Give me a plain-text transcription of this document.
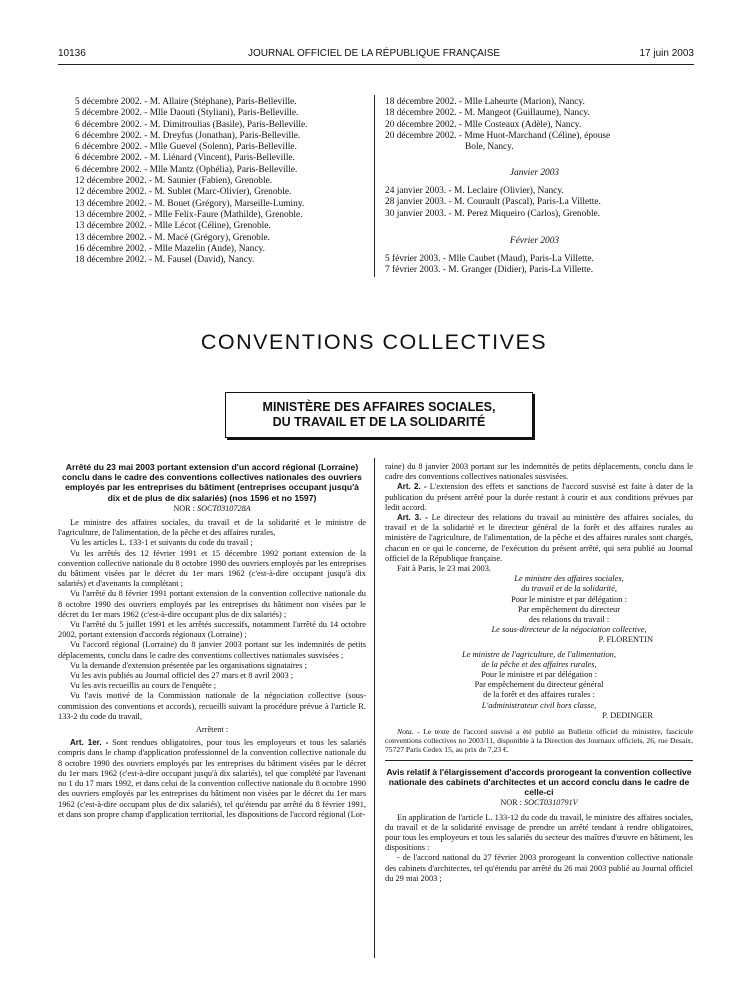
10136	JOURNAL OFFICIEL DE LA RÉPUBLIQUE FRANÇAISE	17 juin 2003
5 décembre 2002. - M. Allaire (Stéphane), Paris-Belleville.
5 décembre 2002. - Mlle Daouti (Styliani), Paris-Belleville.
6 décembre 2002. - M. Dimitroulias (Basile), Paris-Belleville.
6 décembre 2002. - M. Dreyfus (Jonathan), Paris-Belleville.
6 décembre 2002. - Mlle Guevel (Solenn), Paris-Belleville.
6 décembre 2002. - M. Liénard (Vincent), Paris-Belleville.
6 décembre 2002. - Mlle Mantz (Ophélia), Paris-Belleville.
12 décembre 2002. - M. Saunier (Fabien), Grenoble.
12 décembre 2002. - M. Sublet (Marc-Olivier), Grenoble.
13 décembre 2002. - M. Bouet (Grégory), Marseille-Luminy.
13 décembre 2002. - Mlle Felix-Faure (Mathilde), Grenoble.
13 décembre 2002. - Mlle Lécot (Céline), Grenoble.
13 décembre 2002. - M. Macé (Grégory), Grenoble.
16 décembre 2002. - Mlle Mazelin (Aude), Nancy.
18 décembre 2002. - M. Fausel (David), Nancy.
18 décembre 2002. - Mlle Laheurte (Marion), Nancy.
18 décembre 2002. - M. Mangeot (Guillaume), Nancy.
20 décembre 2002. - Mlle Costeaux (Adèle), Nancy.
20 décembre 2002. - Mme Huot-Marchand (Céline), épouse
Bole, Nancy.
Janvier 2003
24 janvier 2003. - M. Leclaire (Olivier), Nancy.
28 janvier 2003. - M. Courault (Pascal), Paris-La Villette.
30 janvier 2003. - M. Perez Miqueiro (Carlos), Grenoble.
Février 2003
5 février 2003. - Mlle Caubet (Maud), Paris-La Villette.
7 février 2003. - M. Granger (Didier), Paris-La Villette.
CONVENTIONS COLLECTIVES
MINISTÈRE DES AFFAIRES SOCIALES,
DU TRAVAIL ET DE LA SOLIDARITÉ
Arrêté du 23 mai 2003 portant extension d'un accord régional (Lorraine) conclu dans le cadre des conventions collectives nationales des ouvriers employés par les entreprises du bâtiment (entreprises occupant jusqu'à dix et de plus de dix salariés) (nos 1596 et no 1597)
NOR : SOCT0310728A

Le ministre des affaires sociales, du travail et de la solidarité et le ministre de l'agriculture, de l'alimentation, de la pêche et des affaires rurales,

Vu les articles L. 133-1 et suivants du code du travail ;

Vu les arrêtés des 12 février 1991 et 15 décembre 1992 portant extension de la convention collective nationale du 8 octobre 1990 des ouvriers employés par les entreprises du bâtiment visées par le décret du 1er mars 1962 (c'est-à-dire occupant jusqu'à dix salariés) et d'avenants la complétant ;

Vu l'arrêté du 8 février 1991 portant extension de la convention collective nationale du 8 octobre 1990 des ouvriers employés par les entreprises du bâtiment non visées par le décret du 1er mars 1962 (c'est-à-dire occupant plus de dix salariés) ;

Vu l'arrêté du 5 juillet 1991 et les arrêtés successifs, notamment l'arrêté du 14 octobre 2002, portant extension d'accords régionaux (Lorraine) ;

Vu l'accord régional (Lorraine) du 8 janvier 2003 portant sur les indemnités de petits déplacements, conclu dans le cadre des conventions collectives nationales susvisées ;

Vu la demande d'extension présentée par les organisations signataires ;

Vu les avis publiés au Journal officiel des 27 mars et 8 avril 2003 ;

Vu les avis recueillis au cours de l'enquête ;

Vu l'avis motivé de la Commission nationale de la négociation collective (sous-commission des conventions et accords), recueilli suivant la procédure prévue à l'article R. 133-2 du code du travail,

Arrêtent :

Art. 1er. - Sont rendues obligatoires, pour tous les employeurs et tous les salariés compris dans le champ d'application professionnel de la convention collective nationale du 8 octobre 1990 des ouvriers employés par les entreprises du bâtiment visées par le décret du 1er mars 1962 (c'est-à-dire occupant jusqu'à dix salariés), tel que complété par l'avenant no 1 du 17 mars 1992, et dans celui de la convention collective nationale du 8 octobre 1990 des ouvriers employés par les entreprises du bâtiment non visées par le décret du 1er mars 1962 (c'est-à-dire occupant plus de dix salariés), tel qu'étendu par arrêté du 8 février 1991, et dans son propre champ d'application territorial, les dispositions de l'accord régional (Lor-

raine) du 8 janvier 2003 portant sur les indemnités de petits déplacements, conclu dans le cadre des conventions collectives nationales susvisées.

Art. 2. - L'extension des effets et sanctions de l'accord susvisé est faite à dater de la publication du présent arrêté pour la durée restant à courir et aux conditions prévues par ledit accord.

Art. 3. - Le directeur des relations du travail au ministère des affaires sociales, du travail et de la solidarité et le directeur général de la forêt et des affaires rurales au ministère de l'agriculture, de l'alimentation, de la pêche et des affaires rurales sont chargés, chacun en ce qui le concerne, de l'exécution du présent arrêté, qui sera publié au Journal officiel de la République française.

Fait à Paris, le 23 mai 2003.

Le ministre des affaires sociales,

du travail et de la solidarité,

Pour le ministre et par délégation :

Par empêchement du directeur

des relations du travail :

Le sous-directeur de la négociation collective,

P. FLORENTIN

Le ministre de l'agriculture, de l'alimentation,

de la pêche et des affaires rurales,

Pour le ministre et par délégation :

Par empêchement du directeur général

de la forêt et des affaires rurales :

L'administrateur civil hors classe,

P. DEDINGER

Nota. - Le texte de l'accord susvisé a été publié au Bulletin officiel du ministère, fascicule conventions collectives no 2003/11, disponible à la Direction des Journaux officiels, 26, rue Desaix, 75727 Paris Cedex 15, au prix de 7,23 €.

Avis relatif à l'élargissement d'accords prorogeant la convention collective nationale des cabinets d'architectes et un accord conclu dans le cadre de celle-ci
NOR : SOCT0310791V

En application de l'article L. 133-12 du code du travail, le ministre des affaires sociales, du travail et de la solidarité envisage de prendre un arrêté tendant à rendre obligatoires, pour tous les employeurs et tous les salariés du secteur des maîtres d'œuvre en bâtiment, les dispositions :

- de l'accord national du 27 février 2003 prorogeant la convention collective nationale des cabinets d'architectes, tel qu'étendu par arrêté du 26 mai 2003 publié au Journal officiel du 29 mai 2003 ;
